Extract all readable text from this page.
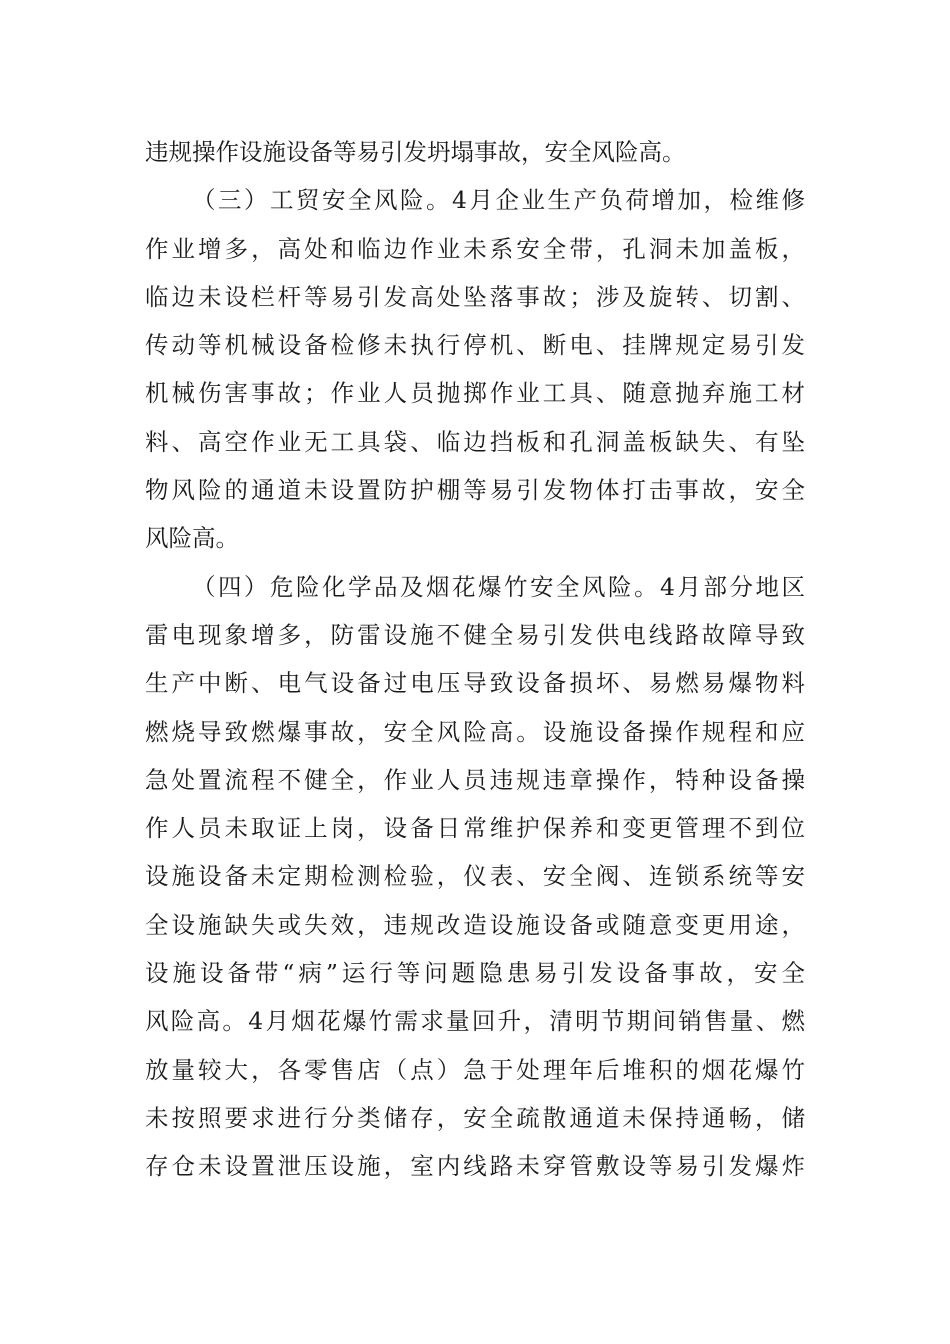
违规操作设施设备等易引发坍塌事故，安全风险高。
（三）工贸安全风险。4月企业生产负荷增加，检维修
作业增多，高处和临边作业未系安全带，孔洞未加盖板，
临边未设栏杆等易引发高处坠落事故；涉及旋转、切割、
传动等机械设备检修未执行停机、断电、挂牌规定易引发
机械伤害事故；作业人员抛掷作业工具、随意抛弃施工材
料、高空作业无工具袋、临边挡板和孔洞盖板缺失、有坠
物风险的通道未设置防护棚等易引发物体打击事故，安全
风险高。
（四）危险化学品及烟花爆竹安全风险。4月部分地区
雷电现象增多，防雷设施不健全易引发供电线路故障导致
生产中断、电气设备过电压导致设备损坏、易燃易爆物料
燃烧导致燃爆事故，安全风险高。设施设备操作规程和应
急处置流程不健全，作业人员违规违章操作，特种设备操
作人员未取证上岗，设备日常维护保养和变更管理不到位
设施设备未定期检测检验，仪表、安全阀、连锁系统等安
全设施缺失或失效，违规改造设施设备或随意变更用途，
设施设备带“病”运行等问题隐患易引发设备事故，安全
风险高。4月烟花爆竹需求量回升，清明节期间销售量、燃
放量较大，各零售店（点）急于处理年后堆积的烟花爆竹
未按照要求进行分类储存，安全疏散通道未保持通畅，储
存仓未设置泄压设施，室内线路未穿管敷设等易引发爆炸
